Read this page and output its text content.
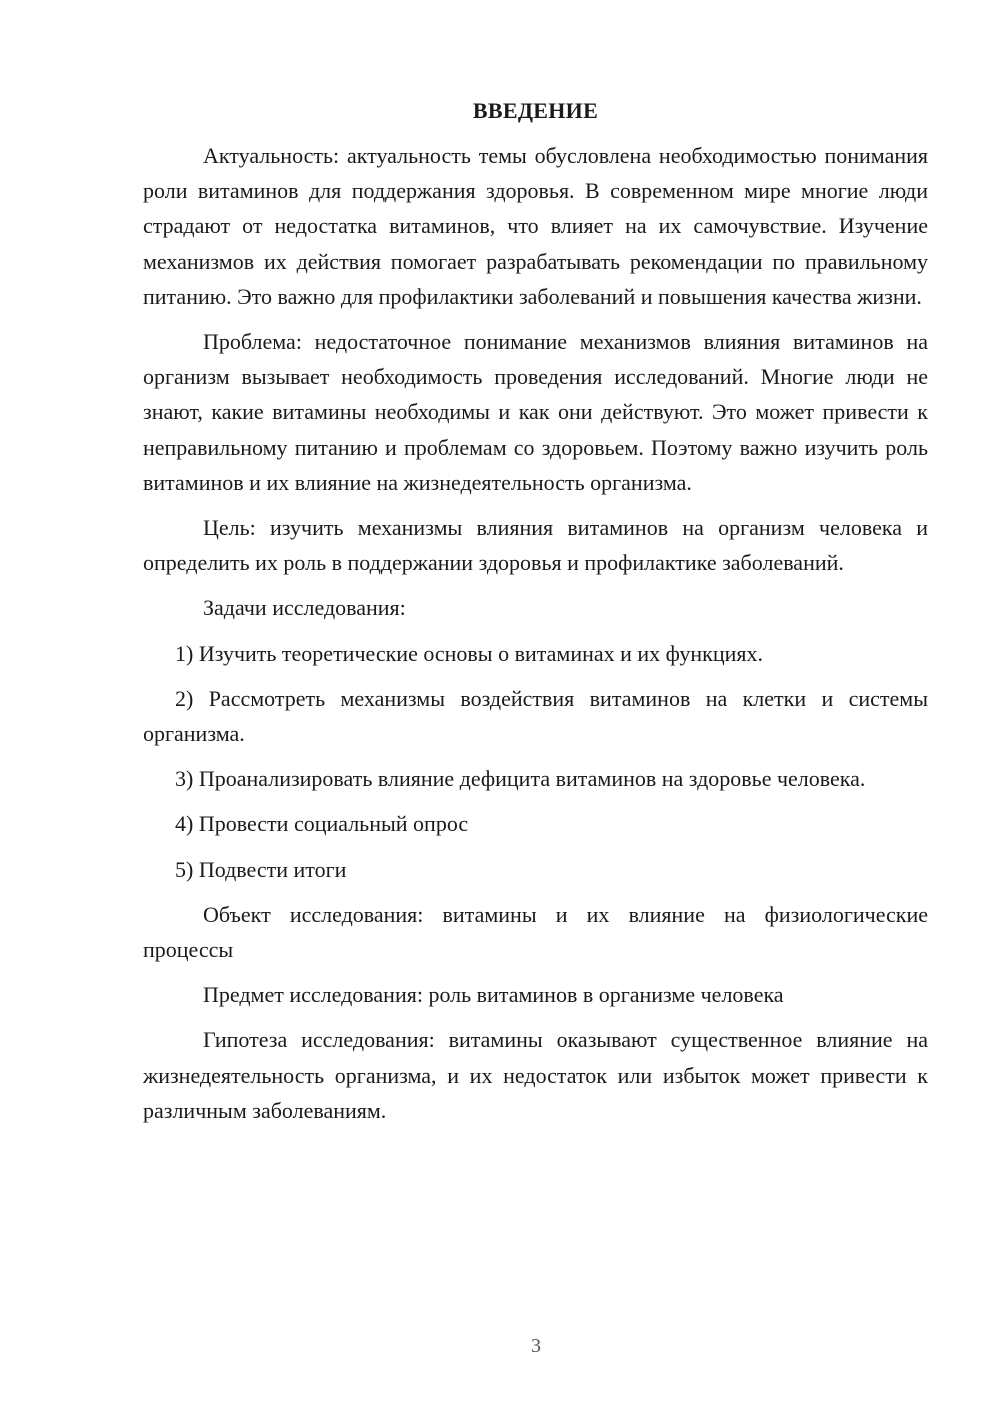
ВВЕДЕНИЕ

Актуальность: актуальность темы обусловлена необходимостью понимания роли витаминов для поддержания здоровья. В современном мире многие люди страдают от недостатка витаминов, что влияет на их самочувствие. Изучение механизмов их действия помогает разрабатывать рекомендации по правильному питанию. Это важно для профилактики заболеваний и повышения качества жизни.

Проблема: недостаточное понимание механизмов влияния витаминов на организм вызывает необходимость проведения исследований. Многие люди не знают, какие витамины необходимы и как они действуют. Это может привести к неправильному питанию и проблемам со здоровьем. Поэтому важно изучить роль витаминов и их влияние на жизнедеятельность организма.

Цель: изучить механизмы влияния витаминов на организм человека и определить их роль в поддержании здоровья и профилактике заболеваний.

Задачи исследования:

1) Изучить теоретические основы о витаминах и их функциях.

2) Рассмотреть механизмы воздействия витаминов на клетки и системы организма.

3) Проанализировать влияние дефицита витаминов на здоровье человека.

4) Провести социальный опрос

5) Подвести итоги

Объект исследования: витамины и их влияние на физиологические процессы

Предмет исследования: роль витаминов в организме человека

Гипотеза исследования: витамины оказывают существенное влияние на жизнедеятельность организма, и их недостаток или избыток может привести к различным заболеваниям.

3
